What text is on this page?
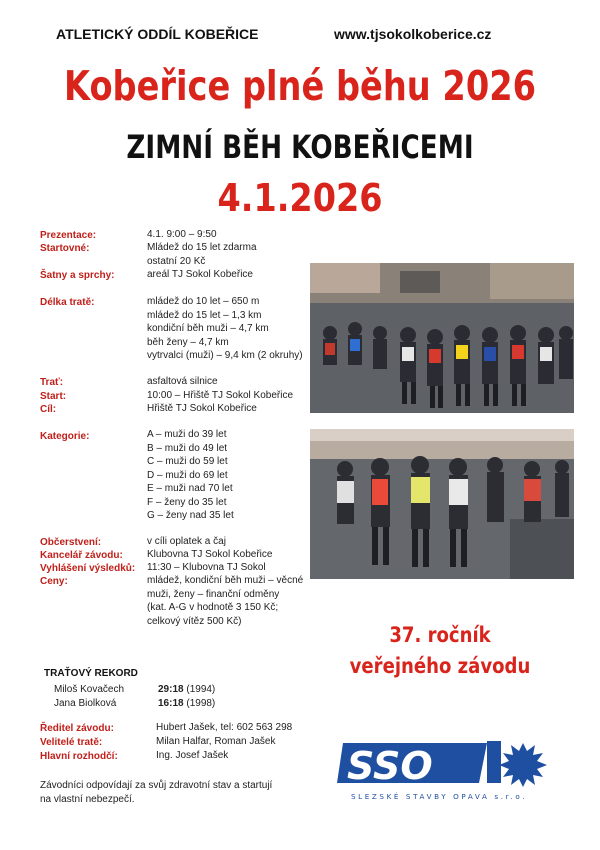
ATLETICKÝ ODDÍL KOBEŘICE	www.tjsokolkoberice.cz
Kobeřice plné běhu 2026
ZIMNÍ BĚH KOBEŘICEMI
4.1.2026
Prezentace:	4.1. 9:00 – 9:50
Startovné:	Mládež do 15 let zdarma
ostatní 20 Kč
Šatny a sprchy:	areál TJ Sokol Kobeřice
Délka tratě:	mládež do 10 let – 650 m
mládež do 15 let – 1,3 km
kondiční běh muži – 4,7 km
běh ženy – 4,7 km
vytrvalci (muži) – 9,4 km (2 okruhy)
Trať:	asfaltová silnice
Start:	10:00 – Hřiště TJ Sokol Kobeřice
Cíl:	Hřiště TJ Sokol Kobeřice
Kategorie:	A – muži do 39 let
B – muži do 49 let
C – muži do 59 let
D – muži do 69 let
E – muži nad 70 let
F – ženy do 35 let
G – ženy nad 35 let
Občerstvení:	v cíli oplatek a čaj
Kancelář závodu: Klubovna TJ Sokol Kobeřice
Vyhlášení výsledků: 11:30 – Klubovna TJ Sokol
Ceny:	mládež, kondiční běh muži – věcné
muži, ženy – finanční odměny
(kat. A-G v hodnotě 3 150 Kč;
celkový vítěz 500 Kč)
37. ročník
veřejného závodu
TRAŤOVÝ REKORD
Miloš Kovačech	29:18 (1994)
Jana Biolková	16:18 (1998)
Ředitel závodu:	Hubert Jašek, tel: 602 563 298
Velitelé tratě:	Milan Halfar, Roman Jašek
Hlavní rozhodčí:	Ing. Josef Jašek
Závodníci odpovídají za svůj zdravotní stav a startují
na vlastní nebezpečí.
SSO
SLEZSKÉ STAVBY OPAVA s.r.o.
